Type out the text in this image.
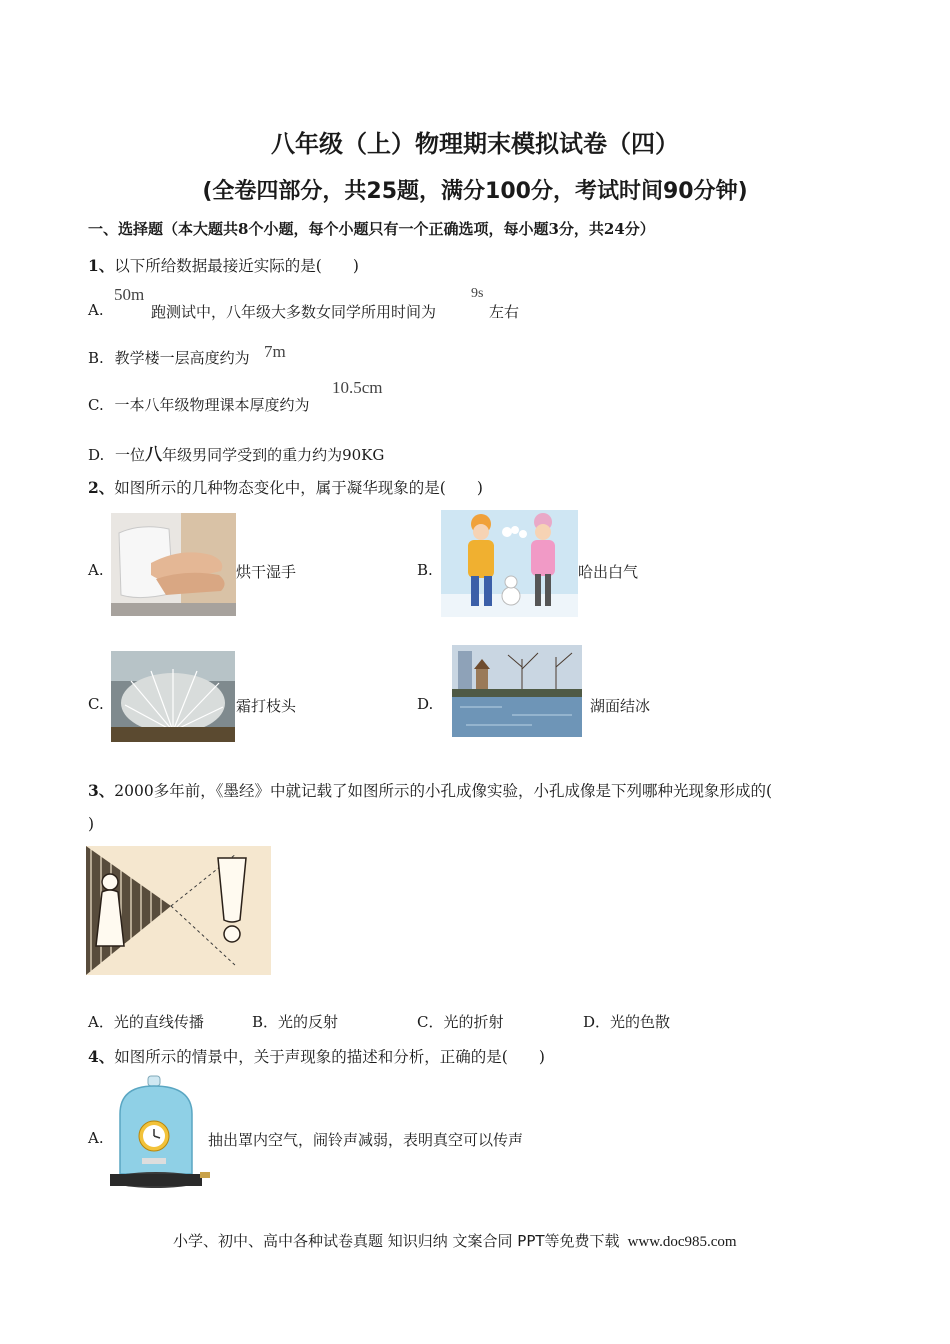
八年级（上）物理期末模拟试卷（四）
(全卷四部分，共25题，满分100分，考试时间90分钟)
一、选择题（本大题共8个小题，每个小题只有一个正确选项，每小题3分，共24分）
1、以下所给数据最接近实际的是(　　)
A.
50m
跑测试中，八年级大多数女同学所用时间为
9s
左右
B. 教学楼一层高度约为 7m
C. 一本八年级物理课本厚度约为
10.5cm
D. 一位八年级男同学受到的重力约为90KG
2、如图所示的几种物态变化中，属于凝华现象的是(　　)
A.	烘干湿手	B.	哈出白气
C.	霜打枝头	D.	湖面结冰
3、2000多年前，《墨经》中就记载了如图所示的小孔成像实验，小孔成像是下列哪种光现象形成的(
)
A．光的直线传播	B．光的反射	C．光的折射	D．光的色散
4、如图所示的情景中，关于声现象的描述和分析，正确的是(　　)
A.	抽出罩内空气，闹铃声减弱，表明真空可以传声
小学、初中、高中各种试卷真题 知识归纳 文案合同 PPT等免费下载 www.doc985.com
